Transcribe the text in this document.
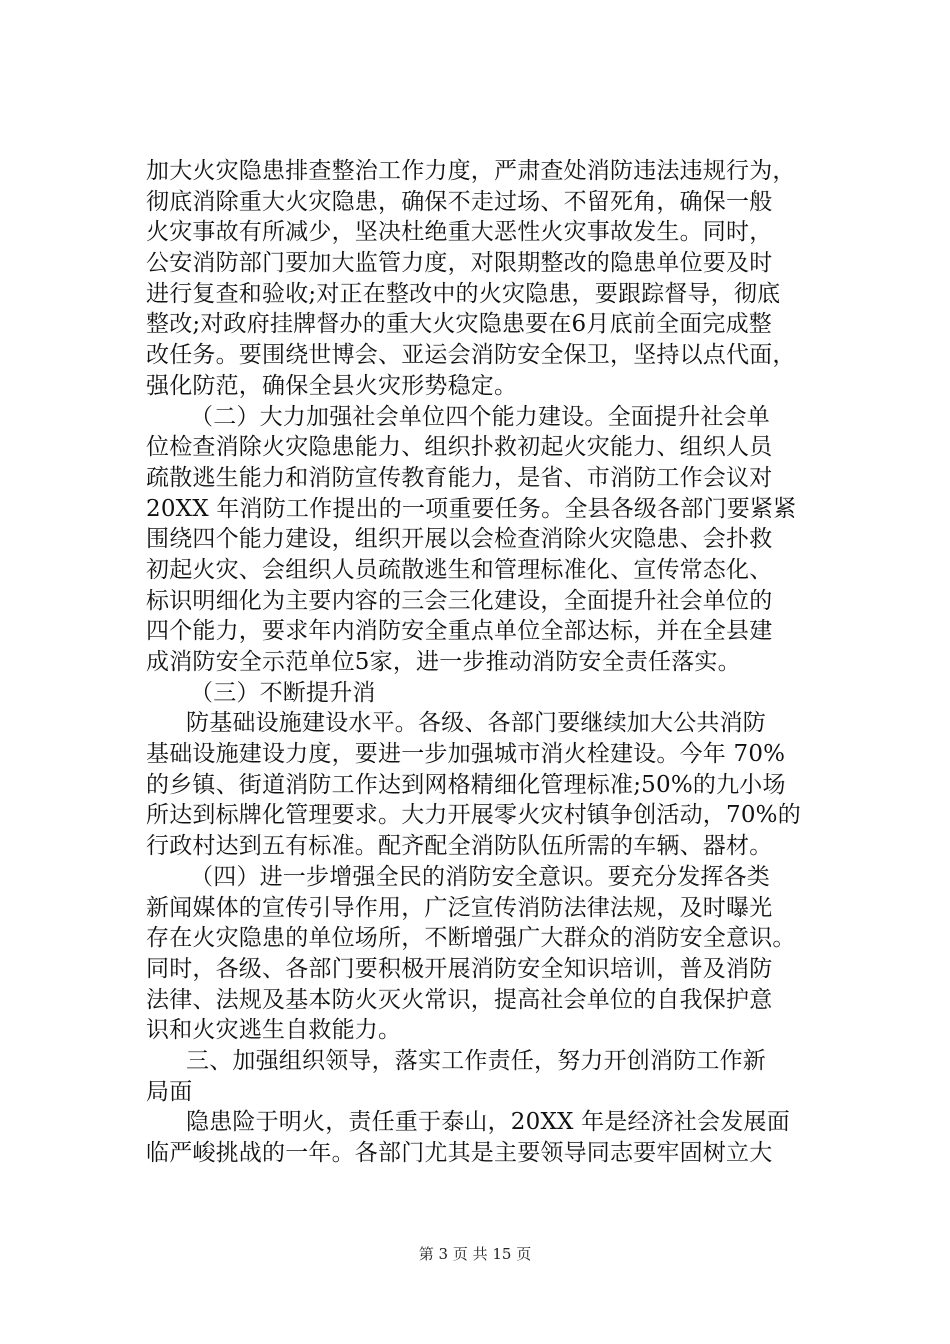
加大火灾隐患排查整治工作力度，严肃查处消防违法违规行为，
彻底消除重大火灾隐患，确保不走过场、不留死角，确保一般
火灾事故有所减少，坚决杜绝重大恶性火灾事故发生。同时，
公安消防部门要加大监管力度，对限期整改的隐患单位要及时
进行复查和验收;对正在整改中的火灾隐患，要跟踪督导，彻底
整改;对政府挂牌督办的重大火灾隐患要在6月底前全面完成整
改任务。要围绕世博会、亚运会消防安全保卫，坚持以点代面，
强化防范，确保全县火灾形势稳定。
（二）大力加强社会单位四个能力建设。全面提升社会单
位检查消除火灾隐患能力、组织扑救初起火灾能力、组织人员
疏散逃生能力和消防宣传教育能力，是省、市消防工作会议对
20XX 年消防工作提出的一项重要任务。全县各级各部门要紧紧
围绕四个能力建设，组织开展以会检查消除火灾隐患、会扑救
初起火灾、会组织人员疏散逃生和管理标准化、宣传常态化、
标识明细化为主要内容的三会三化建设，全面提升社会单位的
四个能力，要求年内消防安全重点单位全部达标，并在全县建
成消防安全示范单位5家，进一步推动消防安全责任落实。
（三）不断提升消
防基础设施建设水平。各级、各部门要继续加大公共消防
基础设施建设力度，要进一步加强城市消火栓建设。今年 70%
的乡镇、街道消防工作达到网格精细化管理标准;50%的九小场
所达到标牌化管理要求。大力开展零火灾村镇争创活动，70%的
行政村达到五有标准。配齐配全消防队伍所需的车辆、器材。
（四）进一步增强全民的消防安全意识。要充分发挥各类
新闻媒体的宣传引导作用，广泛宣传消防法律法规，及时曝光
存在火灾隐患的单位场所，不断增强广大群众的消防安全意识。
同时，各级、各部门要积极开展消防安全知识培训，普及消防
法律、法规及基本防火灭火常识，提高社会单位的自我保护意
识和火灾逃生自救能力。
三、加强组织领导，落实工作责任，努力开创消防工作新
局面
隐患险于明火，责任重于泰山，20XX 年是经济社会发展面
临严峻挑战的一年。各部门尤其是主要领导同志要牢固树立大
第 3 页 共 15 页
